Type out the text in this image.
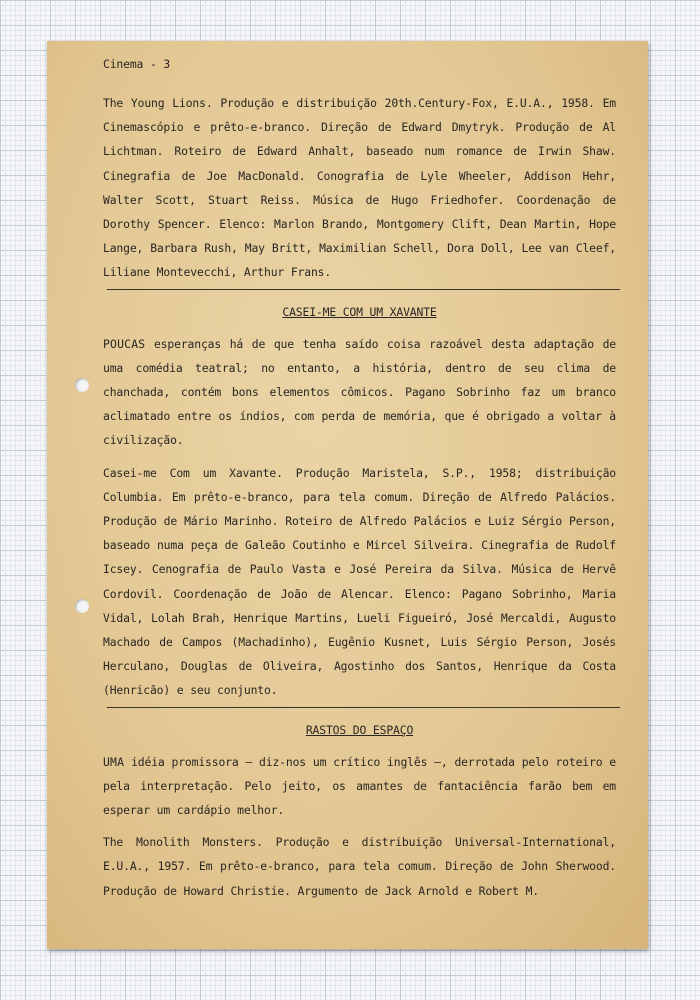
Cinema - 3

The Young Lions. Produção e distribuição 20th.Century-Fox, E.U.A., 1958. Em Cinemascópio e prêto-e-branco. Direção de Edward Dmytryk. Produção de Al Lichtman. Roteiro de Edward Anhalt, baseado num romance de Irwin Shaw. Cinegrafia de Joe MacDonald. Conografia de Lyle Wheeler, Addison Hehr, Walter Scott, Stuart Reiss. Música de Hugo Friedhofer. Coordenação de Dorothy Spencer. Elenco: Marlon Brando, Montgomery Clift, Dean Martin, Hope Lange, Barbara Rush, May Britt, Maximilian Schell, Dora Doll, Lee van Cleef, Liliane Montevecchi, Arthur Frans.

CASEI-ME COM UM XAVANTE

POUCAS esperanças há de que tenha saído coisa razoável desta adaptação de uma comédia teatral; no entanto, a história, dentro de seu clima de chanchada, contém bons elementos cômicos. Pagano Sobrinho faz um branco aclimatado entre os índios, com perda de memória, que é obrigado a voltar à civilização.

Casei-me Com um Xavante. Produção Maristela, S.P., 1958; distribuição Columbia. Em prêto-e-branco, para tela comum. Direção de Alfredo Palácios. Produção de Mário Marinho. Roteiro de Alfredo Palácios e Luiz Sérgio Person, baseado numa peça de Galeão Coutinho e Mircel Silveira. Cinegrafia de Rudolf Icsey. Cenografia de Paulo Vasta e José Pereira da Silva. Música de Hervê Cordovil. Coordenação de João de Alencar. Elenco: Pagano Sobrinho, Maria Vidal, Lolah Brah, Henrique Martins, Lueli Figueiró, José Mercaldi, Augusto Machado de Campos (Machadinho), Eugênio Kusnet, Luis Sérgio Person, Josés Herculano, Douglas de Oliveira, Agostinho dos Santos, Henrique da Costa (Henricão) e seu conjunto.

RASTOS DO ESPAÇO

UMA idéia promissora — diz-nos um crítico inglês —, derrotada pelo roteiro e pela interpretação. Pelo jeito, os amantes de fantaciência farão bem em esperar um cardápio melhor.

The Monolith Monsters. Produção e distribuição Universal-International, E.U.A., 1957. Em prêto-e-branco, para tela comum. Direção de John Sherwood. Produção de Howard Christie. Argumento de Jack Arnold e Robert M.
